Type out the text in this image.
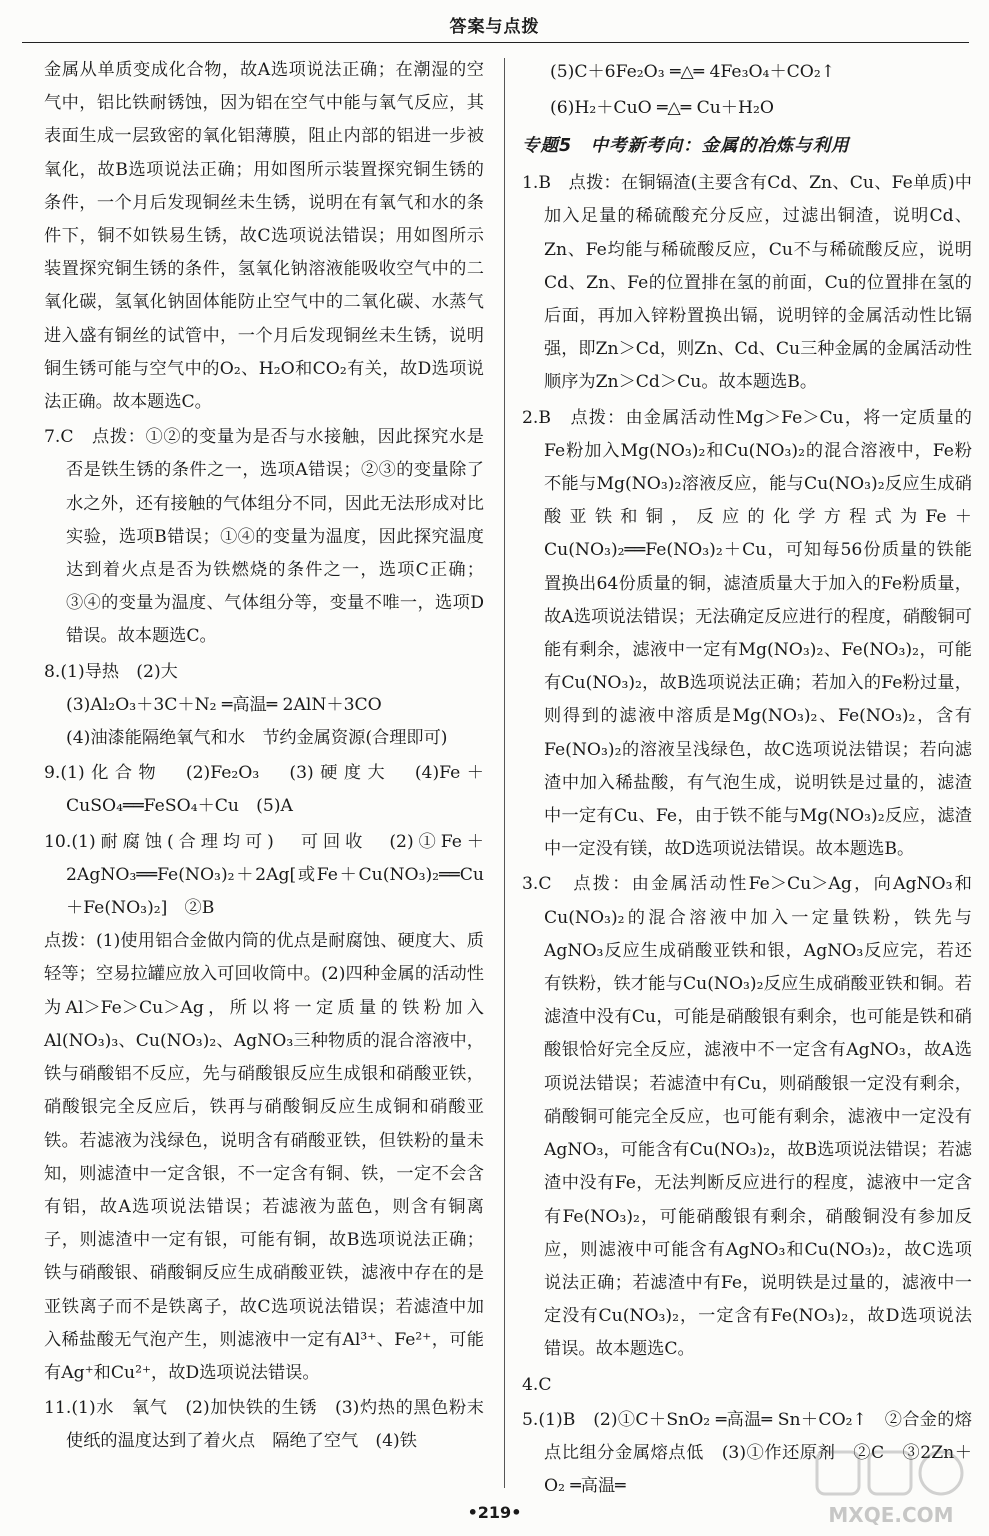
答案与点拨

金属从单质变成化合物，故A选项说法正确；在潮湿的空气中，铝比铁耐锈蚀，因为铝在空气中能与氧气反应，其表面生成一层致密的氧化铝薄膜，阻止内部的铝进一步被氧化，故B选项说法正确；用如图所示装置探究铜生锈的条件，一个月后发现铜丝未生锈，说明在有氧气和水的条件下，铜不如铁易生锈，故C选项说法错误；用如图所示装置探究铜生锈的条件，氢氧化钠溶液能吸收空气中的二氧化碳，氢氧化钠固体能防止空气中的二氧化碳、水蒸气进入盛有铜丝的试管中，一个月后发现铜丝未生锈，说明铜生锈可能与空气中的O₂、H₂O和CO₂有关，故D选项说法正确。故本题选C。

7.C　点拨：①②的变量为是否与水接触，因此探究水是否是铁生锈的条件之一，选项A错误；②③的变量除了水之外，还有接触的气体组分不同，因此无法形成对比实验，选项B错误；①④的变量为温度，因此探究温度达到着火点是否为铁燃烧的条件之一，选项C正确；③④的变量为温度、气体组分等，变量不唯一，选项D错误。故本题选C。

8.(1)导热　(2)大

(3)Al₂O₃＋3C＋N₂ ═高温═ 2AlN＋3CO

(4)油漆能隔绝氧气和水　节约金属资源(合理即可)

9.(1)化合物　(2)Fe₂O₃　(3)硬度大　(4)Fe＋CuSO₄══FeSO₄＋Cu　(5)A

10.(1)耐腐蚀(合理均可)　可回收　(2)①Fe＋2AgNO₃══Fe(NO₃)₂＋2Ag[或Fe＋Cu(NO₃)₂══Cu＋Fe(NO₃)₂]　②B

点拨：(1)使用铝合金做内筒的优点是耐腐蚀、硬度大、质轻等；空易拉罐应放入可回收筒中。(2)四种金属的活动性为Al＞Fe＞Cu＞Ag，所以将一定质量的铁粉加入Al(NO₃)₃、Cu(NO₃)₂、AgNO₃三种物质的混合溶液中，铁与硝酸铝不反应，先与硝酸银反应生成银和硝酸亚铁，硝酸银完全反应后，铁再与硝酸铜反应生成铜和硝酸亚铁。若滤液为浅绿色，说明含有硝酸亚铁，但铁粉的量未知，则滤渣中一定含银，不一定含有铜、铁，一定不会含有铝，故A选项说法错误；若滤液为蓝色，则含有铜离子，则滤渣中一定有银，可能有铜，故B选项说法正确；铁与硝酸银、硝酸铜反应生成硝酸亚铁，滤液中存在的是亚铁离子而不是铁离子，故C选项说法错误；若滤渣中加入稀盐酸无气泡产生，则滤液中一定有Al³⁺、Fe²⁺，可能有Ag⁺和Cu²⁺，故D选项说法错误。

11.(1)水　氧气　(2)加快铁的生锈　(3)灼热的黑色粉末使纸的温度达到了着火点　隔绝了空气　(4)铁

(5)C＋6Fe₂O₃ ═△═ 4Fe₃O₄＋CO₂↑

(6)H₂＋CuO ═△═ Cu＋H₂O

专题5　中考新考向：金属的冶炼与利用

1.B　点拨：在铜镉渣(主要含有Cd、Zn、Cu、Fe单质)中加入足量的稀硫酸充分反应，过滤出铜渣，说明Cd、Zn、Fe均能与稀硫酸反应，Cu不与稀硫酸反应，说明Cd、Zn、Fe的位置排在氢的前面，Cu的位置排在氢的后面，再加入锌粉置换出镉，说明锌的金属活动性比镉强，即Zn＞Cd，则Zn、Cd、Cu三种金属的金属活动性顺序为Zn＞Cd＞Cu。故本题选B。

2.B　点拨：由金属活动性Mg＞Fe＞Cu，将一定质量的Fe粉加入Mg(NO₃)₂和Cu(NO₃)₂的混合溶液中，Fe粉不能与Mg(NO₃)₂溶液反应，能与Cu(NO₃)₂反应生成硝酸亚铁和铜，反应的化学方程式为Fe＋Cu(NO₃)₂══Fe(NO₃)₂＋Cu，可知每56份质量的铁能置换出64份质量的铜，滤渣质量大于加入的Fe粉质量，故A选项说法错误；无法确定反应进行的程度，硝酸铜可能有剩余，滤液中一定有Mg(NO₃)₂、Fe(NO₃)₂，可能有Cu(NO₃)₂，故B选项说法正确；若加入的Fe粉过量，则得到的滤液中溶质是Mg(NO₃)₂、Fe(NO₃)₂，含有Fe(NO₃)₂的溶液呈浅绿色，故C选项说法错误；若向滤渣中加入稀盐酸，有气泡生成，说明铁是过量的，滤渣中一定有Cu、Fe，由于铁不能与Mg(NO₃)₂反应，滤渣中一定没有镁，故D选项说法错误。故本题选B。

3.C　点拨：由金属活动性Fe＞Cu＞Ag，向AgNO₃和Cu(NO₃)₂的混合溶液中加入一定量铁粉，铁先与AgNO₃反应生成硝酸亚铁和银，AgNO₃反应完，若还有铁粉，铁才能与Cu(NO₃)₂反应生成硝酸亚铁和铜。若滤渣中没有Cu，可能是硝酸银有剩余，也可能是铁和硝酸银恰好完全反应，滤液中不一定含有AgNO₃，故A选项说法错误；若滤渣中有Cu，则硝酸银一定没有剩余，硝酸铜可能完全反应，也可能有剩余，滤液中一定没有AgNO₃，可能含有Cu(NO₃)₂，故B选项说法错误；若滤渣中没有Fe，无法判断反应进行的程度，滤液中一定含有Fe(NO₃)₂，可能硝酸银有剩余，硝酸铜没有参加反应，则滤液中可能含有AgNO₃和Cu(NO₃)₂，故C选项说法正确；若滤渣中有Fe，说明铁是过量的，滤液中一定没有Cu(NO₃)₂，一定含有Fe(NO₃)₂，故D选项说法错误。故本题选C。

4.C

5.(1)B　(2)①C＋SnO₂ ═高温═ Sn＋CO₂↑　②合金的熔点比组分金属熔点低　(3)①作还原剂　②C　③2Zn＋O₂ ═高温═

•219•	MXQE.COM
